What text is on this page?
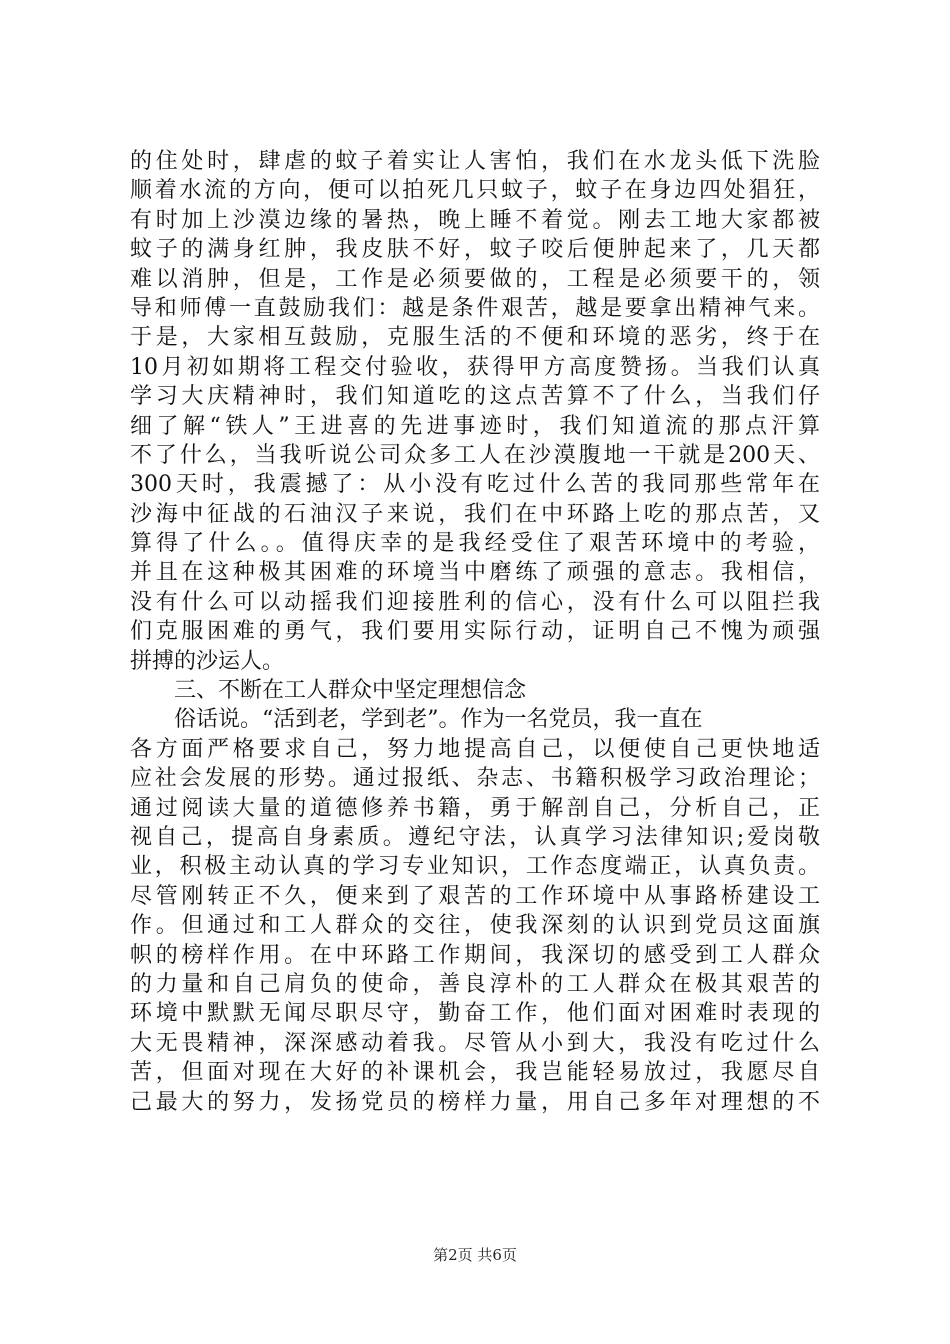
的住处时，肆虐的蚊子着实让人害怕，我们在水龙头低下洗脸
顺着水流的方向，便可以拍死几只蚊子，蚊子在身边四处猖狂，
有时加上沙漠边缘的暑热，晚上睡不着觉。刚去工地大家都被
蚊子的满身红肿，我皮肤不好，蚊子咬后便肿起来了，几天都
难以消肿，但是，工作是必须要做的，工程是必须要干的，领
导和师傅一直鼓励我们：越是条件艰苦，越是要拿出精神气来。
于是，大家相互鼓励，克服生活的不便和环境的恶劣，终于在
10月初如期将工程交付验收，获得甲方高度赞扬。当我们认真
学习大庆精神时，我们知道吃的这点苦算不了什么，当我们仔
细了解“铁人”王进喜的先进事迹时，我们知道流的那点汗算
不了什么，当我听说公司众多工人在沙漠腹地一干就是200天、
300天时，我震撼了：从小没有吃过什么苦的我同那些常年在
沙海中征战的石油汉子来说，我们在中环路上吃的那点苦，又
算得了什么。。值得庆幸的是我经受住了艰苦环境中的考验，
并且在这种极其困难的环境当中磨练了顽强的意志。我相信，
没有什么可以动摇我们迎接胜利的信心，没有什么可以阻拦我
们克服困难的勇气，我们要用实际行动，证明自己不愧为顽强
拼搏的沙运人。
三、不断在工人群众中坚定理想信念
俗话说。“活到老，学到老”。作为一名党员，我一直在
各方面严格要求自己，努力地提高自己，以便使自己更快地适
应社会发展的形势。通过报纸、杂志、书籍积极学习政治理论；
通过阅读大量的道德修养书籍，勇于解剖自己，分析自己，正
视自己，提高自身素质。遵纪守法，认真学习法律知识;爱岗敬
业，积极主动认真的学习专业知识，工作态度端正，认真负责。
尽管刚转正不久，便来到了艰苦的工作环境中从事路桥建设工
作。但通过和工人群众的交往，使我深刻的认识到党员这面旗
帜的榜样作用。在中环路工作期间，我深切的感受到工人群众
的力量和自己肩负的使命，善良淳朴的工人群众在极其艰苦的
环境中默默无闻尽职尽守，勤奋工作，他们面对困难时表现的
大无畏精神，深深感动着我。尽管从小到大，我没有吃过什么
苦，但面对现在大好的补课机会，我岂能轻易放过，我愿尽自
己最大的努力，发扬党员的榜样力量，用自己多年对理想的不
第2页 共6页
